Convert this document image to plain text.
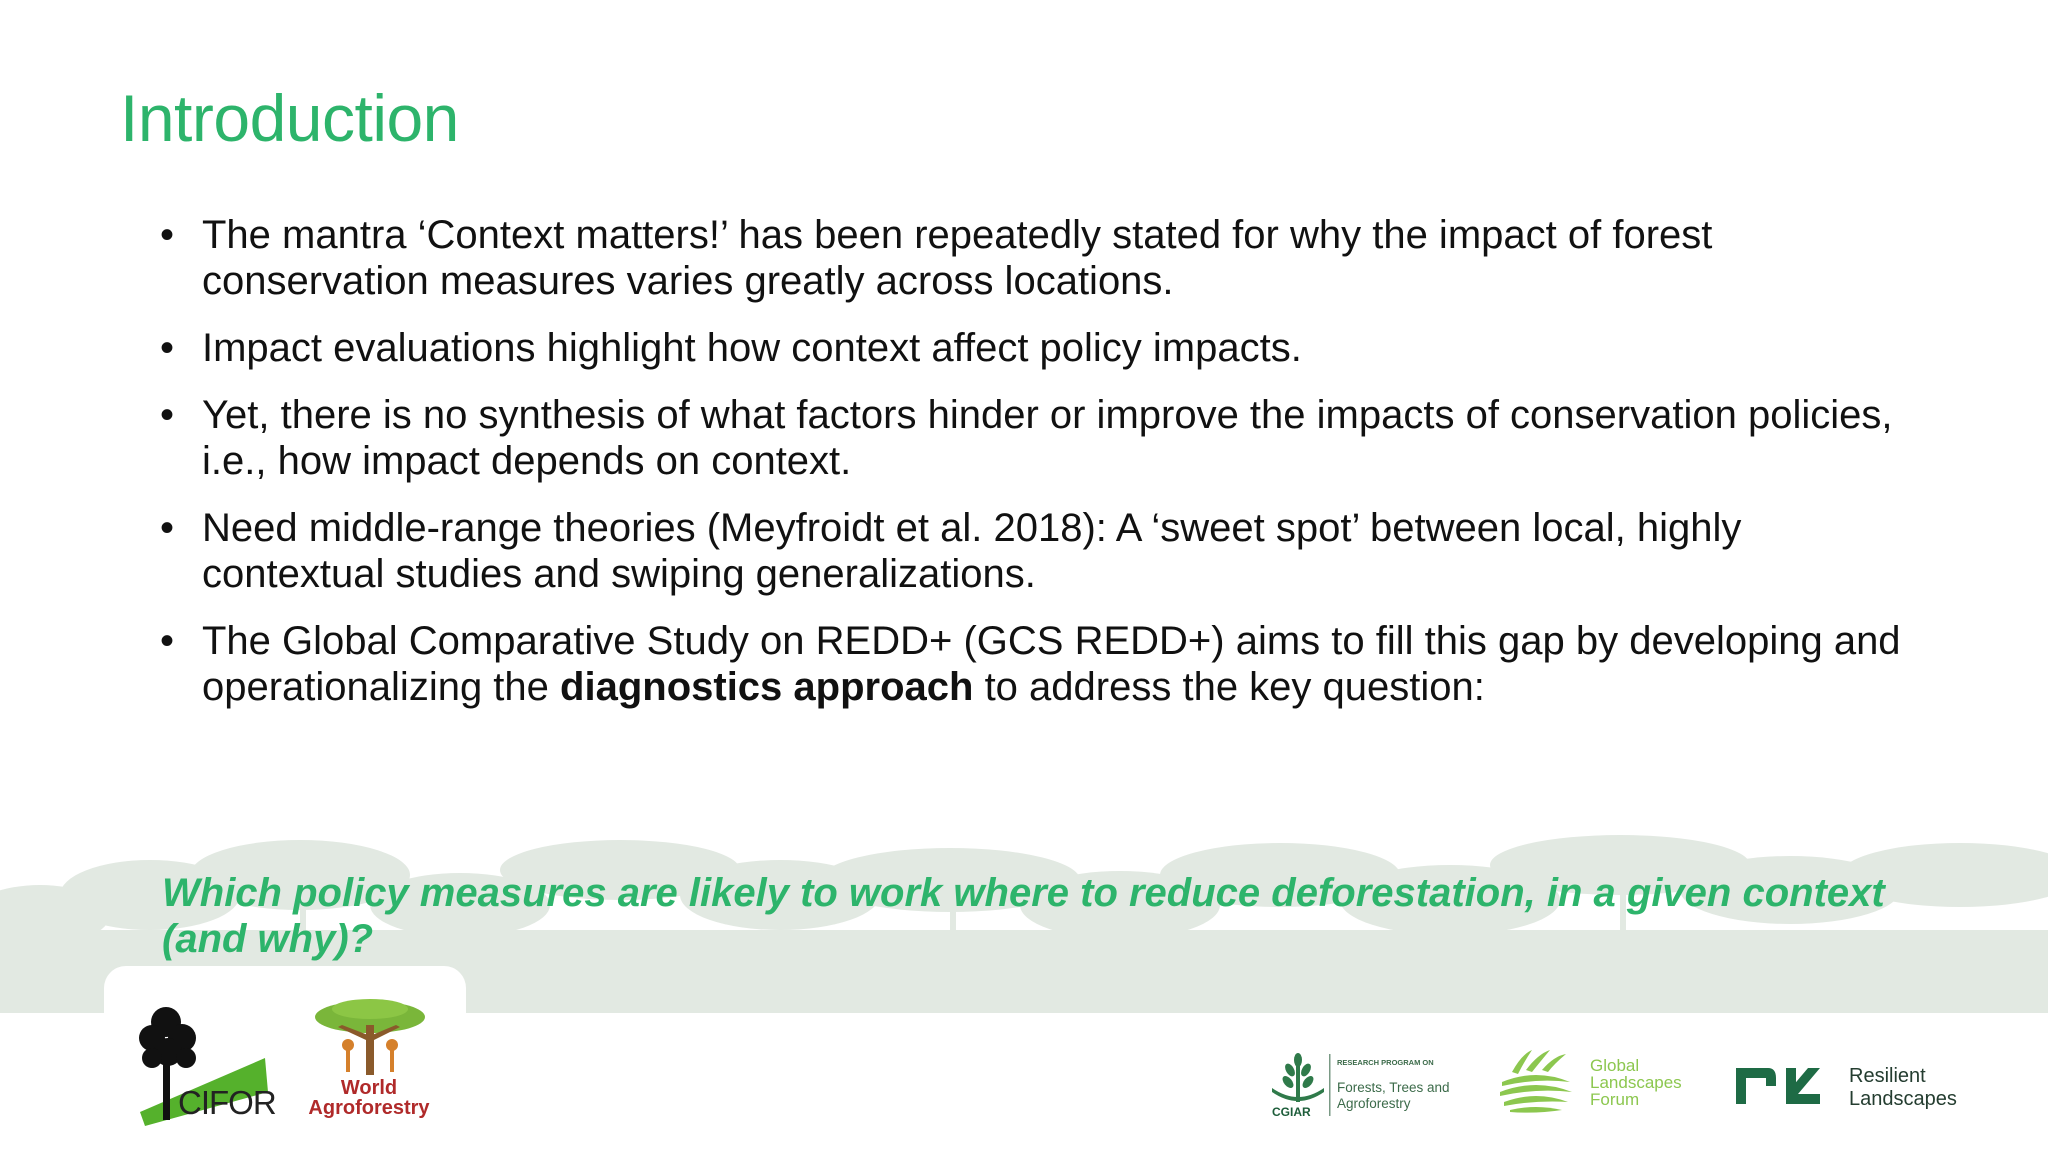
Introduction
• The mantra ‘Context matters!’ has been repeatedly stated for why the impact of forest conservation measures varies greatly across locations.
• Impact evaluations highlight how context affect policy impacts.
• Yet, there is no synthesis of what factors hinder or improve the impacts of conservation policies, i.e., how impact depends on context.
• Need middle-range theories (Meyfroidt et al. 2018): A ‘sweet spot’ between local, highly contextual studies and swiping generalizations.
• The Global Comparative Study on REDD+ (GCS REDD+) aims to fill this gap by developing and operationalizing the diagnostics approach to address the key question:
Which policy measures are likely to work where to reduce deforestation, in a given context (and why)?
CIFOR	World Agroforestry	CGIAR
RESEARCH PROGRAM ON
Forests, Trees and Agroforestry
Global Landscapes Forum
Resilient Landscapes
